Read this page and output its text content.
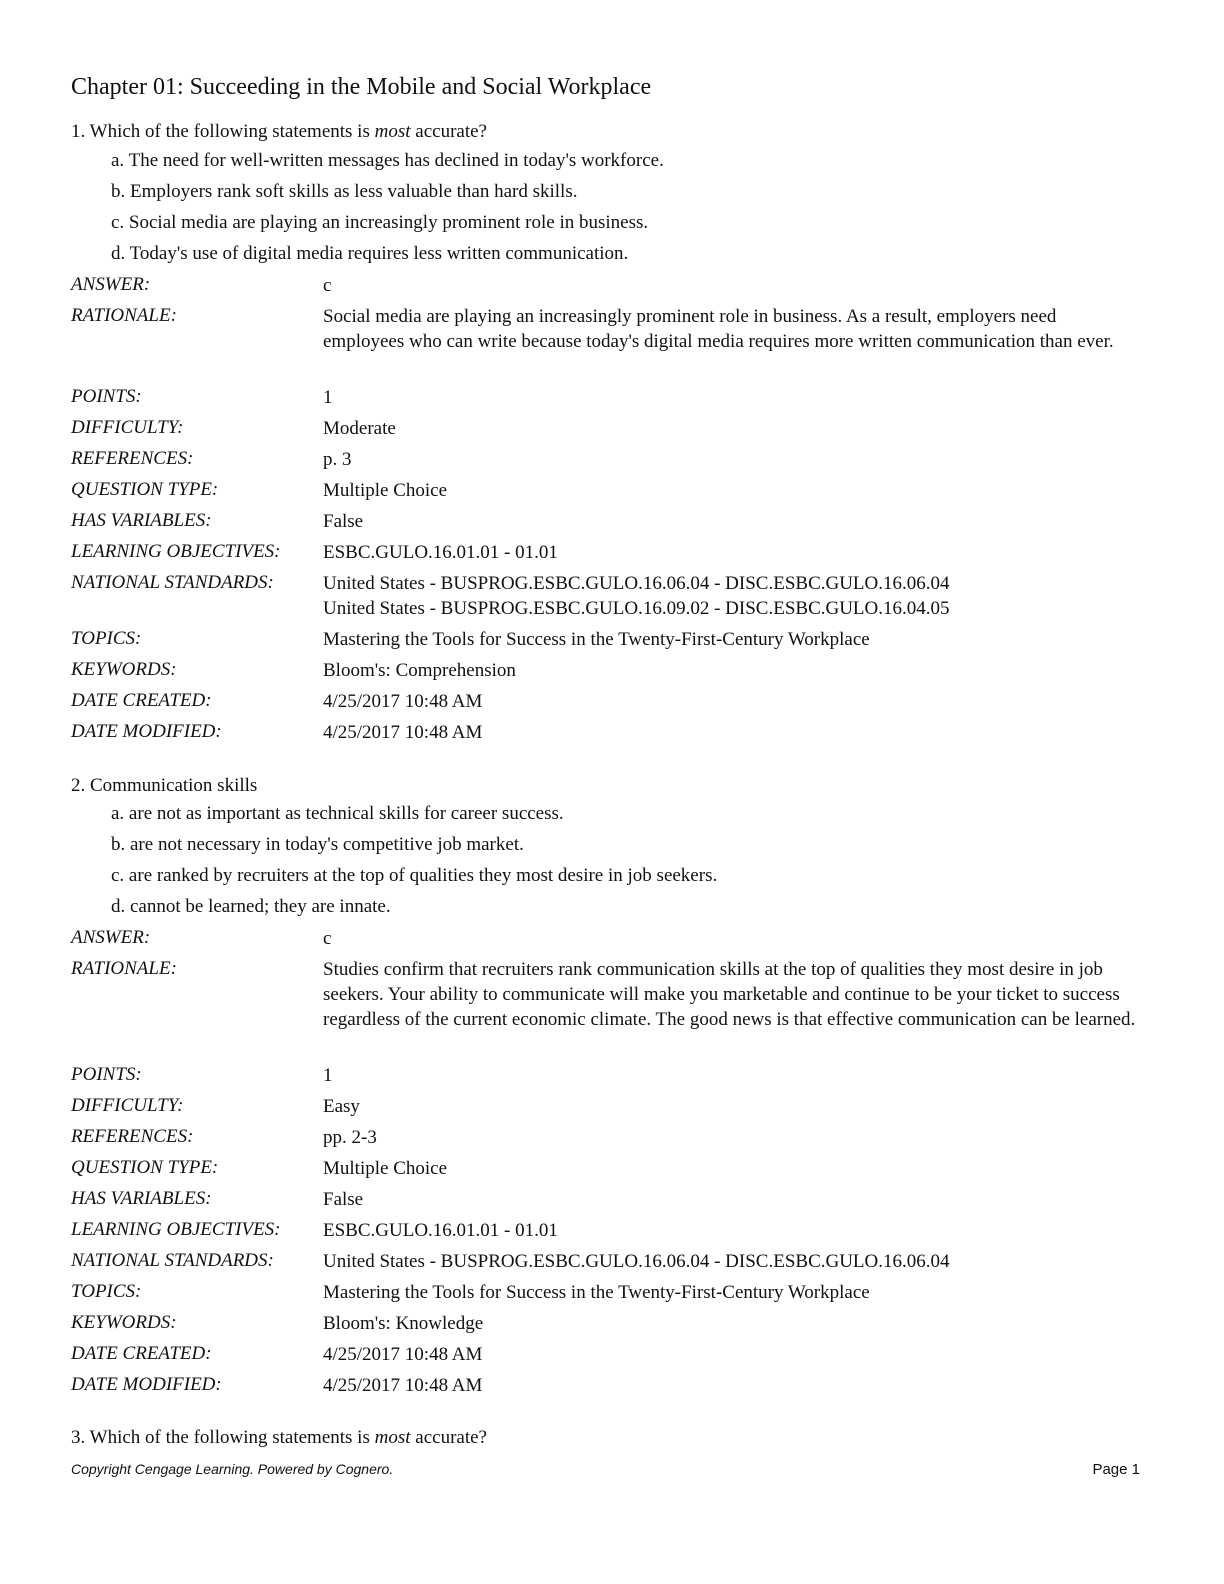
Chapter 01: Succeeding in the Mobile and Social Workplace
1. Which of the following statements is most accurate?
a. The need for well-written messages has declined in today's workforce.
b. Employers rank soft skills as less valuable than hard skills.
c. Social media are playing an increasingly prominent role in business.
d. Today's use of digital media requires less written communication.
ANSWER:	c
RATIONALE:	Social media are playing an increasingly prominent role in business. As a result, employers need employees who can write because today's digital media requires more written communication than ever.
POINTS:	1
DIFFICULTY:	Moderate
REFERENCES:	p. 3
QUESTION TYPE:	Multiple Choice
HAS VARIABLES:	False
LEARNING OBJECTIVES: ESBC.GULO.16.01.01 - 01.01
NATIONAL STANDARDS:	United States - BUSPROG.ESBC.GULO.16.06.04 - DISC.ESBC.GULO.16.06.04
United States - BUSPROG.ESBC.GULO.16.09.02 - DISC.ESBC.GULO.16.04.05
TOPICS:	Mastering the Tools for Success in the Twenty-First-Century Workplace
KEYWORDS:	Bloom's: Comprehension
DATE CREATED:	4/25/2017 10:48 AM
DATE MODIFIED:	4/25/2017 10:48 AM
2. Communication skills
a. are not as important as technical skills for career success.
b. are not necessary in today's competitive job market.
c. are ranked by recruiters at the top of qualities they most desire in job seekers.
d. cannot be learned; they are innate.
ANSWER:	c
RATIONALE:	Studies confirm that recruiters rank communication skills at the top of qualities they most desire in job seekers. Your ability to communicate will make you marketable and continue to be your ticket to success regardless of the current economic climate. The good news is that effective communication can be learned.
POINTS:	1
DIFFICULTY:	Easy
REFERENCES:	pp. 2-3
QUESTION TYPE:	Multiple Choice
HAS VARIABLES:	False
LEARNING OBJECTIVES: ESBC.GULO.16.01.01 - 01.01
NATIONAL STANDARDS:	United States - BUSPROG.ESBC.GULO.16.06.04 - DISC.ESBC.GULO.16.06.04
TOPICS:	Mastering the Tools for Success in the Twenty-First-Century Workplace
KEYWORDS:	Bloom's: Knowledge
DATE CREATED:	4/25/2017 10:48 AM
DATE MODIFIED:	4/25/2017 10:48 AM
3. Which of the following statements is most accurate?
Copyright Cengage Learning. Powered by Cognero.	Page 1
